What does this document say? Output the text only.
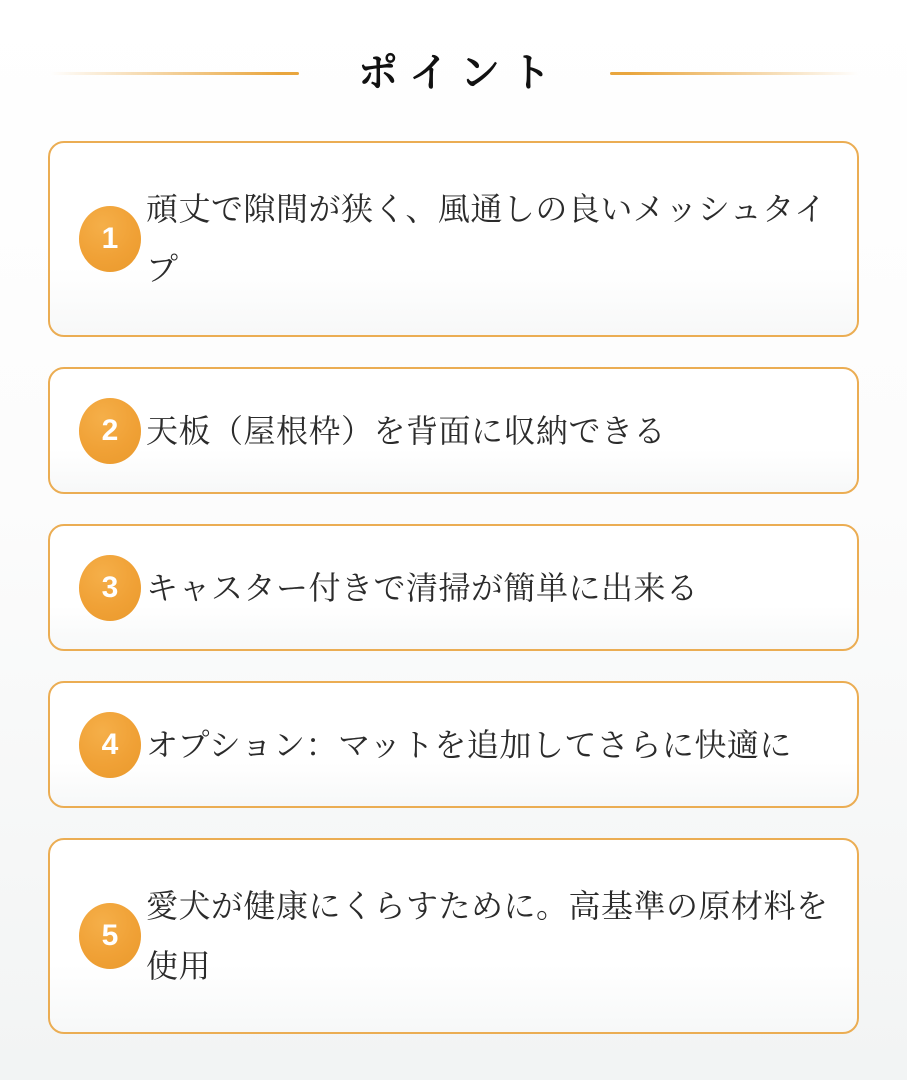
ポイント
1
頑丈で隙間が狭く、風通しの良いメッシュタイプ
2 天板（屋根枠）を背面に収納できる
3 キャスター付きで清掃が簡単に出来る
4 オプション：マットを追加してさらに快適に
5
愛犬が健康にくらすために。高基準の原材料を使用
